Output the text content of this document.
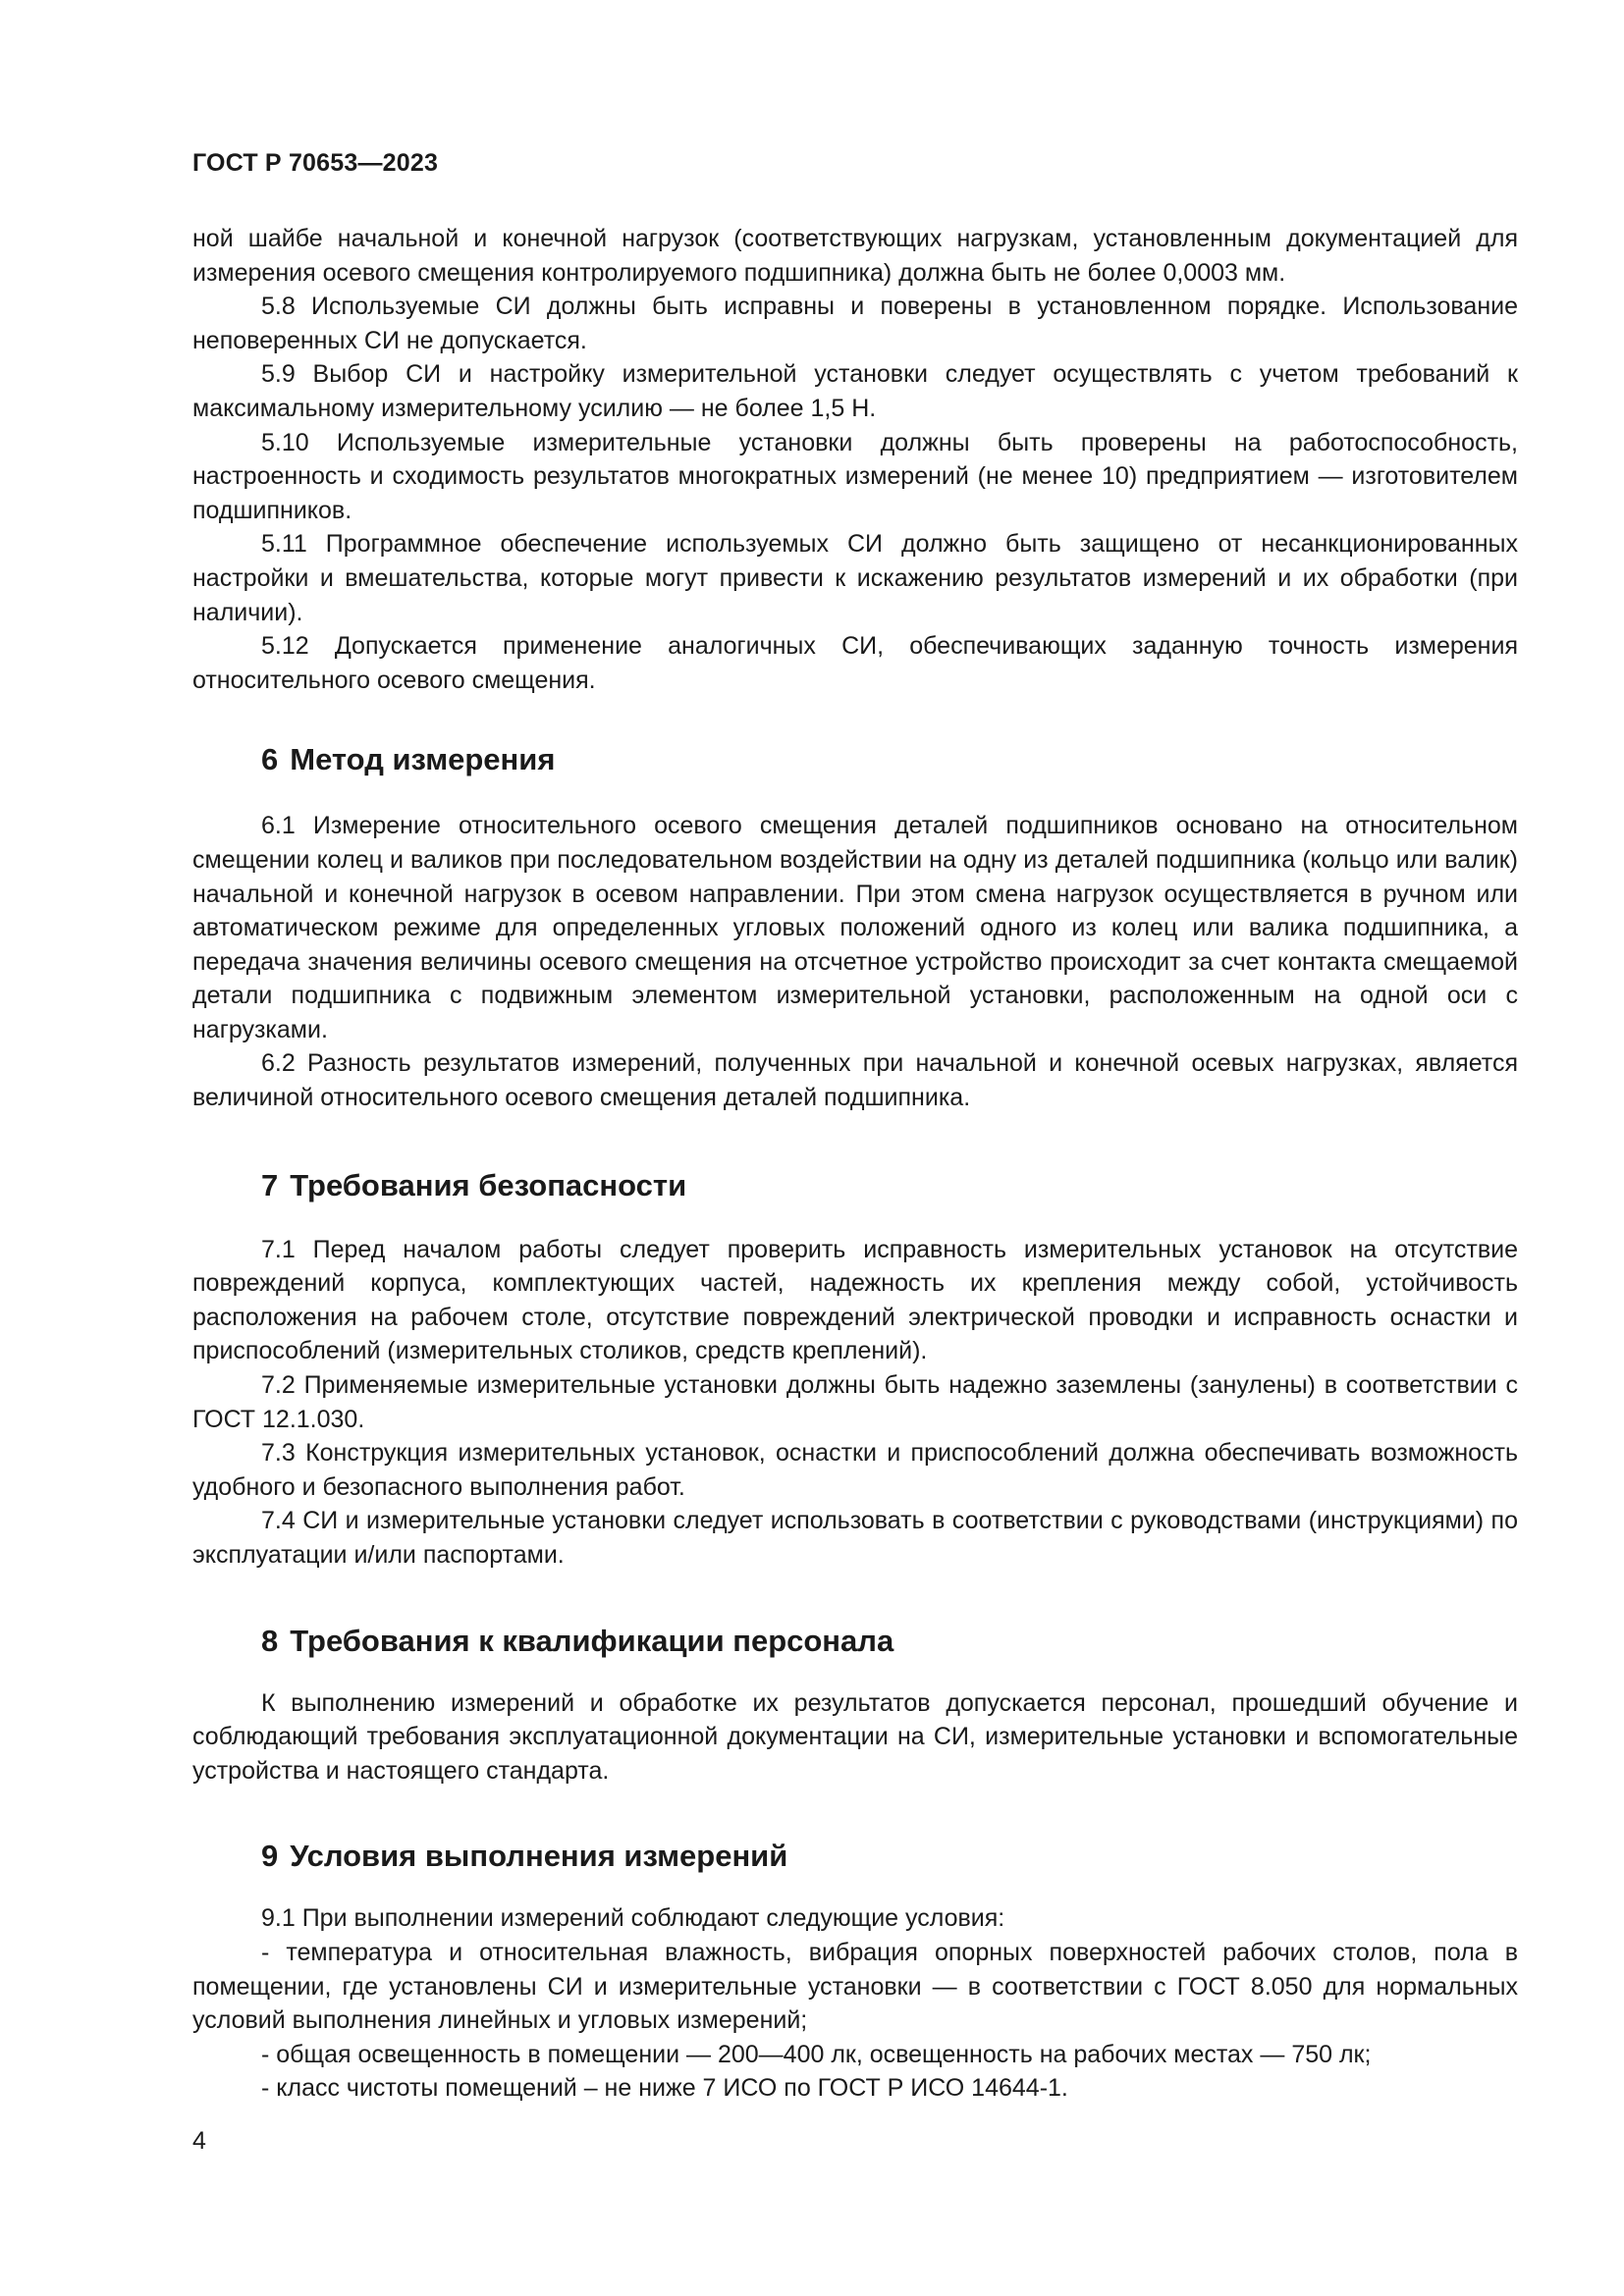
ГОСТ Р 70653—2023

ной шайбе начальной и конечной нагрузок (соответствующих нагрузкам, установленным документацией для измерения осевого смещения контролируемого подшипника) должна быть не более 0,0003 мм.

5.8 Используемые СИ должны быть исправны и поверены в установленном порядке. Использование неповеренных СИ не допускается.

5.9 Выбор СИ и настройку измерительной установки следует осуществлять с учетом требований к максимальному измерительному усилию — не более 1,5 Н.

5.10 Используемые измерительные установки должны быть проверены на работоспособность, настроенность и сходимость результатов многократных измерений (не менее 10) предприятием — изготовителем подшипников.

5.11 Программное обеспечение используемых СИ должно быть защищено от несанкционированных настройки и вмешательства, которые могут привести к искажению результатов измерений и их обработки (при наличии).

5.12 Допускается применение аналогичных СИ, обеспечивающих заданную точность измерения относительного осевого смещения.

6 Метод измерения

6.1 Измерение относительного осевого смещения деталей подшипников основано на относительном смещении колец и валиков при последовательном воздействии на одну из деталей подшипника (кольцо или валик) начальной и конечной нагрузок в осевом направлении. При этом смена нагрузок осуществляется в ручном или автоматическом режиме для определенных угловых положений одного из колец или валика подшипника, а передача значения величины осевого смещения на отсчетное устройство происходит за счет контакта смещаемой детали подшипника с подвижным элементом измерительной установки, расположенным на одной оси с нагрузками.

6.2 Разность результатов измерений, полученных при начальной и конечной осевых нагрузках, является величиной относительного осевого смещения деталей подшипника.

7 Требования безопасности

7.1 Перед началом работы следует проверить исправность измерительных установок на отсутствие повреждений корпуса, комплектующих частей, надежность их крепления между собой, устойчивость расположения на рабочем столе, отсутствие повреждений электрической проводки и исправность оснастки и приспособлений (измерительных столиков, средств креплений).

7.2 Применяемые измерительные установки должны быть надежно заземлены (занулены) в соответствии с ГОСТ 12.1.030.

7.3 Конструкция измерительных установок, оснастки и приспособлений должна обеспечивать возможность удобного и безопасного выполнения работ.

7.4 СИ и измерительные установки следует использовать в соответствии с руководствами (инструкциями) по эксплуатации и/или паспортами.

8 Требования к квалификации персонала

К выполнению измерений и обработке их результатов допускается персонал, прошедший обучение и соблюдающий требования эксплуатационной документации на СИ, измерительные установки и вспомогательные устройства и настоящего стандарта.

9 Условия выполнения измерений

9.1 При выполнении измерений соблюдают следующие условия:

- температура и относительная влажность, вибрация опорных поверхностей рабочих столов, пола в помещении, где установлены СИ и измерительные установки — в соответствии с ГОСТ 8.050 для нормальных условий выполнения линейных и угловых измерений;

- общая освещенность в помещении — 200—400 лк, освещенность на рабочих местах — 750 лк;

- класс чистоты помещений – не ниже 7 ИСО по ГОСТ Р ИСО 14644-1.

4
